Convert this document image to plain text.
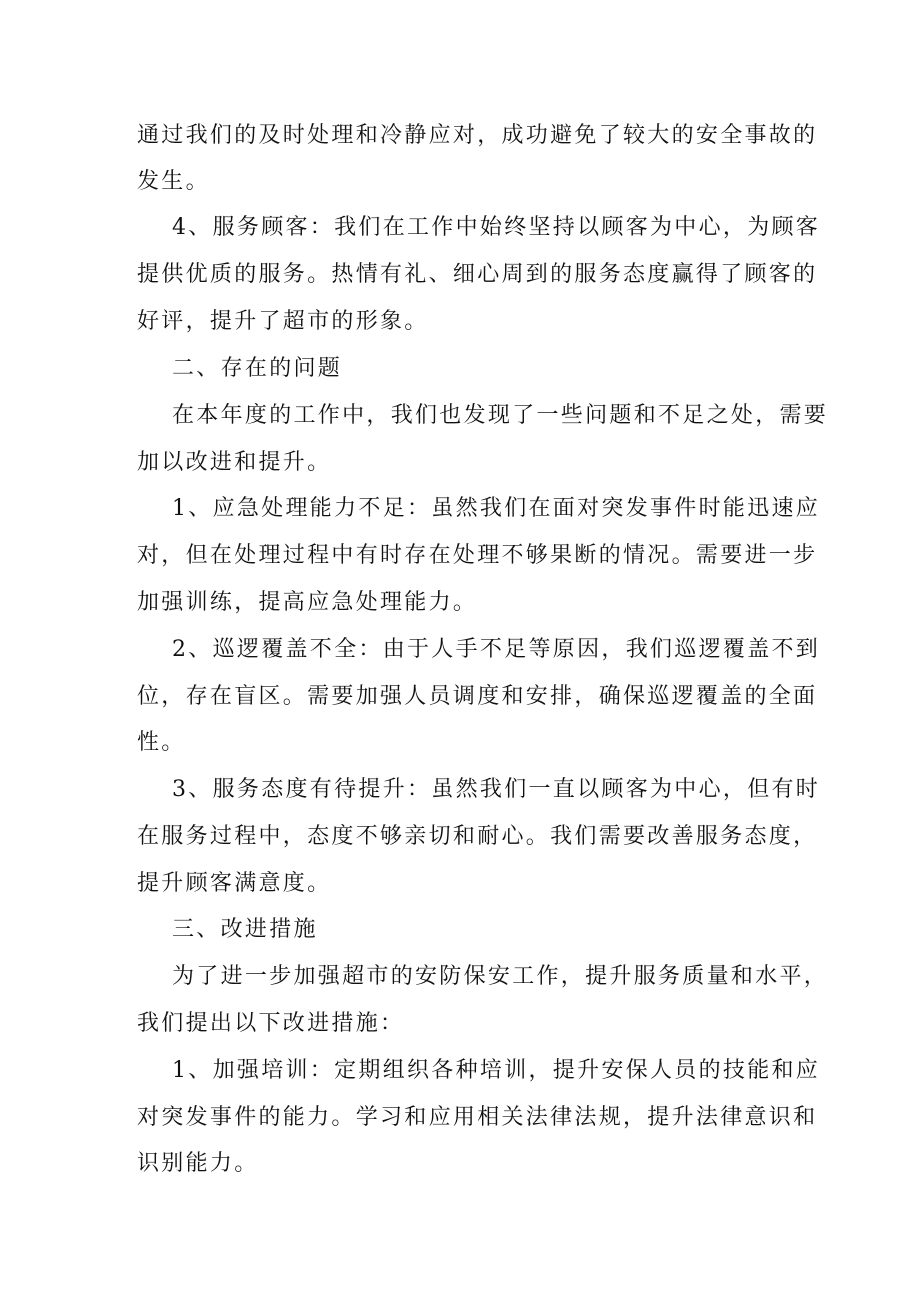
通过我们的及时处理和冷静应对，成功避免了较大的安全事故的
发生。
4、服务顾客：我们在工作中始终坚持以顾客为中心，为顾客
提供优质的服务。热情有礼、细心周到的服务态度赢得了顾客的
好评，提升了超市的形象。
二、存在的问题
在本年度的工作中，我们也发现了一些问题和不足之处，需要
加以改进和提升。
1、应急处理能力不足：虽然我们在面对突发事件时能迅速应
对，但在处理过程中有时存在处理不够果断的情况。需要进一步
加强训练，提高应急处理能力。
2、巡逻覆盖不全：由于人手不足等原因，我们巡逻覆盖不到
位，存在盲区。需要加强人员调度和安排，确保巡逻覆盖的全面
性。
3、服务态度有待提升：虽然我们一直以顾客为中心，但有时
在服务过程中，态度不够亲切和耐心。我们需要改善服务态度，
提升顾客满意度。
三、改进措施
为了进一步加强超市的安防保安工作，提升服务质量和水平，
我们提出以下改进措施：
1、加强培训：定期组织各种培训，提升安保人员的技能和应
对突发事件的能力。学习和应用相关法律法规，提升法律意识和
识别能力。
